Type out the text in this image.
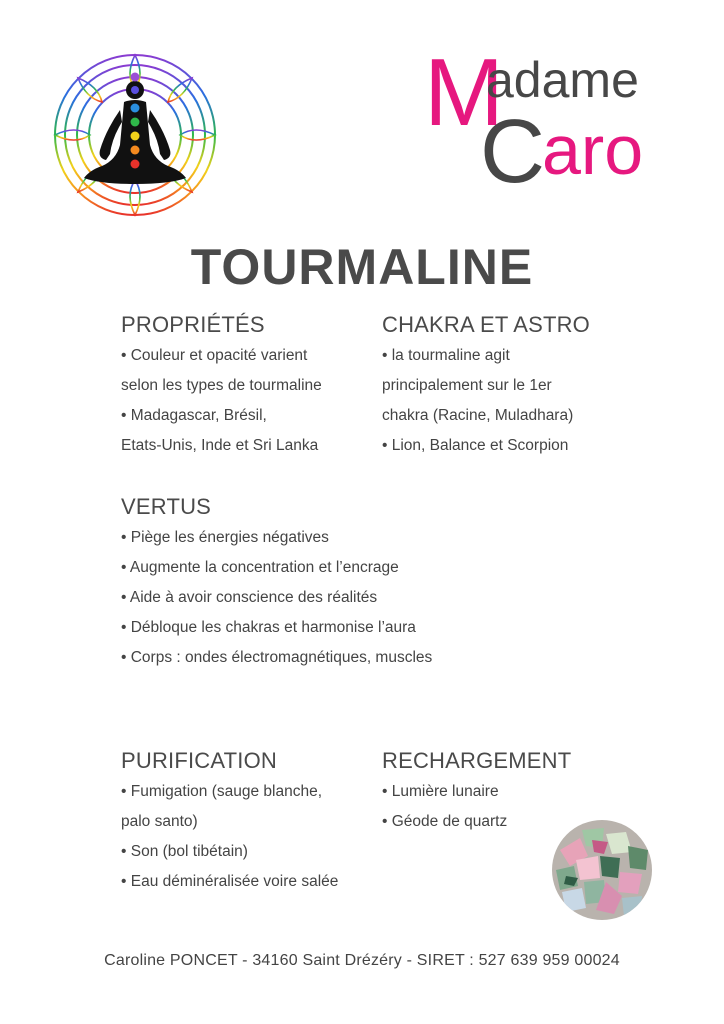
M
adame
C
aro
TOURMALINE
PROPRIÉTÉS
• Couleur et opacité varient
selon les types de tourmaline
• Madagascar, Brésil,
Etats-Unis, Inde et Sri Lanka
CHAKRA ET ASTRO
• la tourmaline agit
principalement sur le 1er
chakra (Racine, Muladhara)
• Lion, Balance et Scorpion
VERTUS
• Piège les énergies négatives
• Augmente la concentration et l’encrage
• Aide à avoir conscience des réalités
• Débloque les chakras et harmonise l’aura
• Corps : ondes électromagnétiques, muscles
PURIFICATION
• Fumigation (sauge blanche,
palo santo)
• Son (bol tibétain)
• Eau déminéralisée voire salée
RECHARGEMENT
• Lumière lunaire
• Géode de quartz
Caroline PONCET - 34160 Saint Drézéry - SIRET : 527 639 959 00024
